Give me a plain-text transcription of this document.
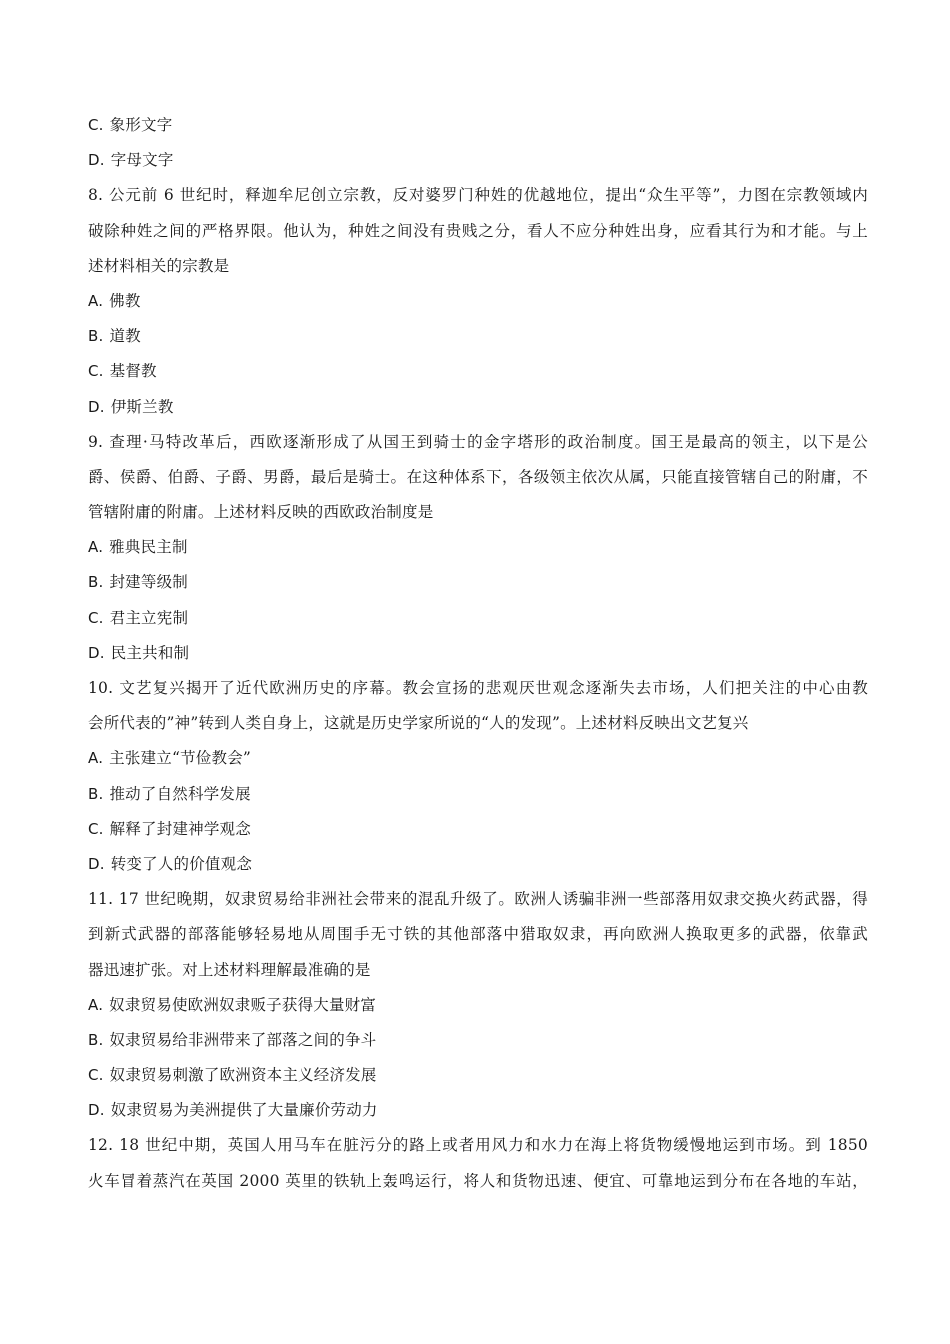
C. 象形文字
D. 字母文字
8. 公元前 6 世纪时，释迦牟尼创立宗教，反对婆罗门种姓的优越地位，提出“众生平等”，力图在宗教领域内
破除种姓之间的严格界限。他认为，种姓之间没有贵贱之分，看人不应分种姓出身，应看其行为和才能。与上
述材料相关的宗教是
A. 佛教
B. 道教
C. 基督教
D. 伊斯兰教
9. 查理·马特改革后，西欧逐渐形成了从国王到骑士的金字塔形的政治制度。国王是最高的领主，以下是公
爵、侯爵、伯爵、子爵、男爵，最后是骑士。在这种体系下，各级领主依次从属，只能直接管辖自己的附庸，不
管辖附庸的附庸。上述材料反映的西欧政治制度是
A. 雅典民主制
B. 封建等级制
C. 君主立宪制
D. 民主共和制
10. 文艺复兴揭开了近代欧洲历史的序幕。教会宣扬的悲观厌世观念逐渐失去市场，人们把关注的中心由教
会所代表的”神”转到人类自身上，这就是历史学家所说的“人的发现”。上述材料反映出文艺复兴
A. 主张建立“节俭教会”
B. 推动了自然科学发展
C. 解释了封建神学观念
D. 转变了人的价值观念
11. 17 世纪晚期，奴隶贸易给非洲社会带来的混乱升级了。欧洲人诱骗非洲一些部落用奴隶交换火药武器，得
到新式武器的部落能够轻易地从周围手无寸铁的其他部落中猎取奴隶，再向欧洲人换取更多的武器，依靠武
器迅速扩张。对上述材料理解最准确的是
A. 奴隶贸易使欧洲奴隶贩子获得大量财富
B. 奴隶贸易给非洲带来了部落之间的争斗
C. 奴隶贸易刺激了欧洲资本主义经济发展
D. 奴隶贸易为美洲提供了大量廉价劳动力
12. 18 世纪中期，英国人用马车在脏污分的路上或者用风力和水力在海上将货物缓慢地运到市场。到 1850
火车冒着蒸汽在英国 2000 英里的铁轨上轰鸣运行，将人和货物迅速、便宜、可靠地运到分布在各地的车站，
